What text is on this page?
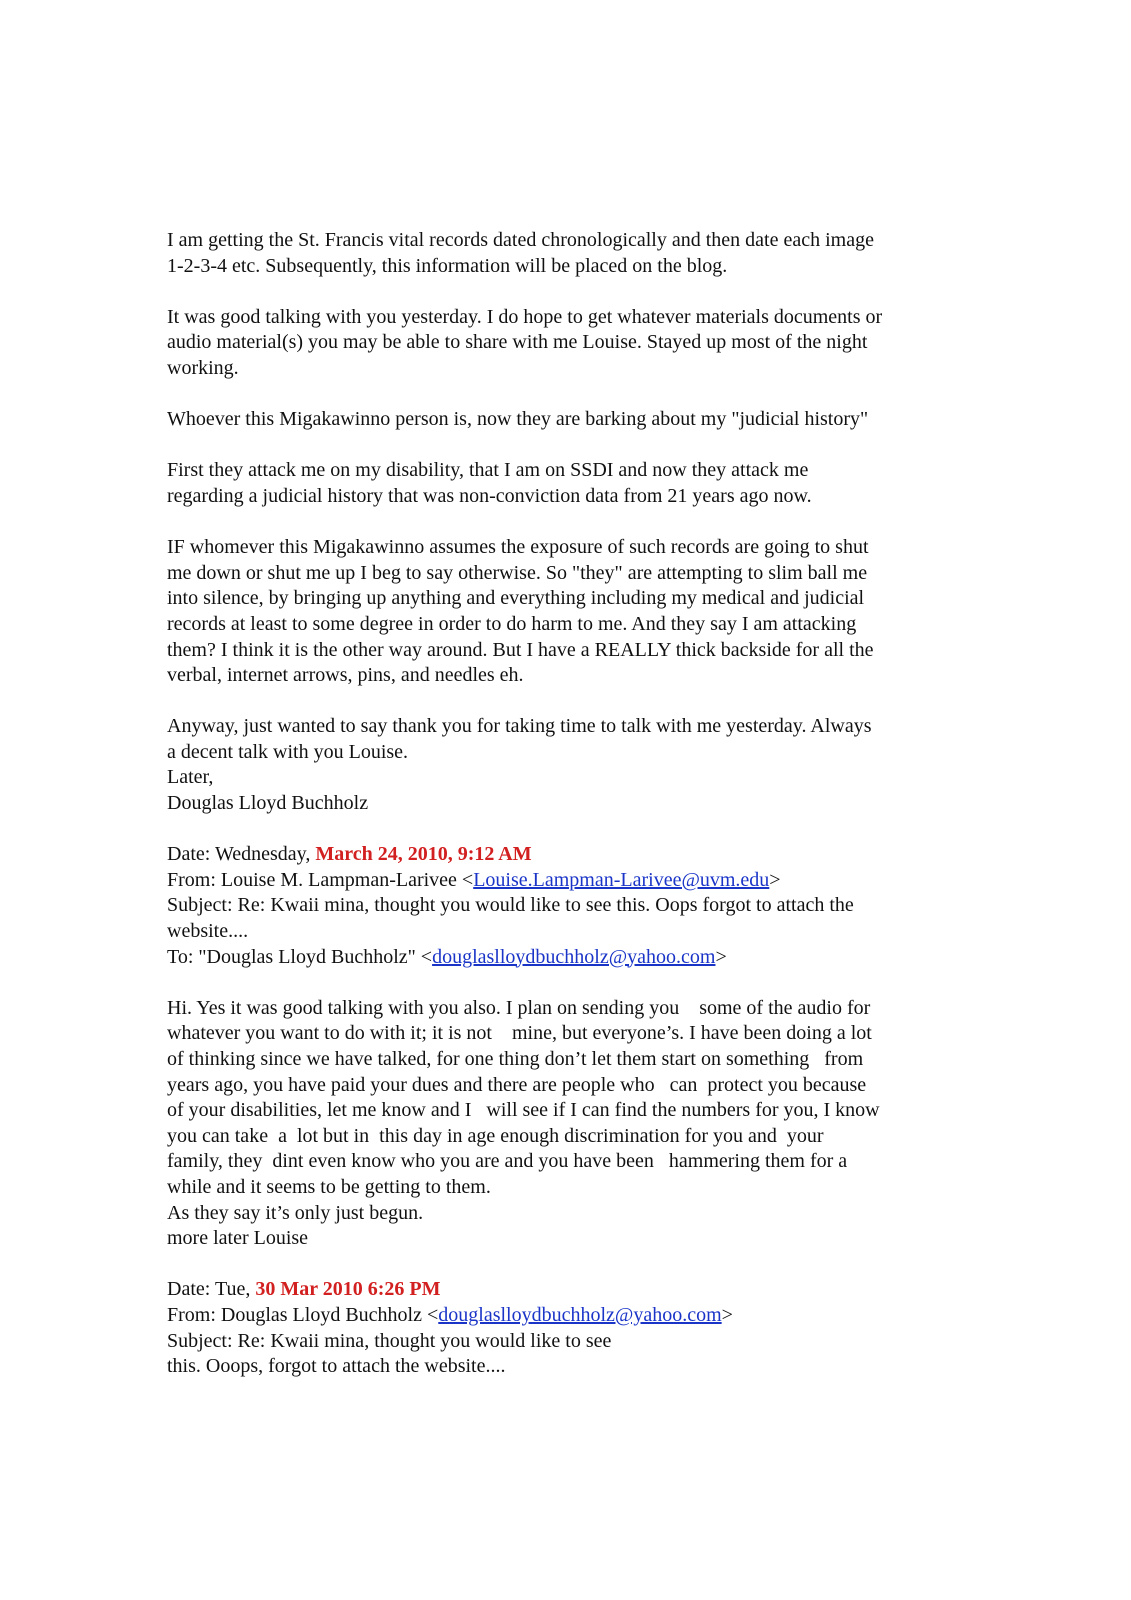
I am getting the St. Francis vital records dated chronologically and then date each image
1-2-3-4 etc. Subsequently, this information will be placed on the blog.
It was good talking with you yesterday. I do hope to get whatever materials documents or
audio material(s) you may be able to share with me Louise. Stayed up most of the night
working.
Whoever this Migakawinno person is, now they are barking about my "judicial history"
First they attack me on my disability, that I am on SSDI and now they attack me
regarding a judicial history that was non-conviction data from 21 years ago now.
IF whomever this Migakawinno assumes the exposure of such records are going to shut
me down or shut me up I beg to say otherwise. So "they" are attempting to slim ball me
into silence, by bringing up anything and everything including my medical and judicial
records at least to some degree in order to do harm to me. And they say I am attacking
them? I think it is the other way around. But I have a REALLY thick backside for all the
verbal, internet arrows, pins, and needles eh.
Anyway, just wanted to say thank you for taking time to talk with me yesterday. Always
a decent talk with you Louise.
Later,
Douglas Lloyd Buchholz
Date: Wednesday, March 24, 2010, 9:12 AM
From: Louise M. Lampman-Larivee <Louise.Lampman-Larivee@uvm.edu>
Subject: Re: Kwaii mina, thought you would like to see this. Oops forgot to attach the
website....
To: "Douglas Lloyd Buchholz" <douglaslloydbuchholz@yahoo.com>
Hi. Yes it was good talking with you also. I plan on sending you    some of the audio for
whatever you want to do with it; it is not    mine, but everyone’s. I have been doing a lot
of thinking since we have talked, for one thing don’t let them start on something   from
years ago, you have paid your dues and there are people who   can  protect you because
of your disabilities, let me know and I   will see if I can find the numbers for you, I know
you can take  a  lot but in  this day in age enough discrimination for you and  your
family, they  dint even know who you are and you have been   hammering them for a
while and it seems to be getting to them.
As they say it’s only just begun.
more later Louise
Date: Tue, 30 Mar 2010 6:26 PM
From: Douglas Lloyd Buchholz <douglaslloydbuchholz@yahoo.com>
Subject: Re: Kwaii mina, thought you would like to see
this. Ooops, forgot to attach the website....
